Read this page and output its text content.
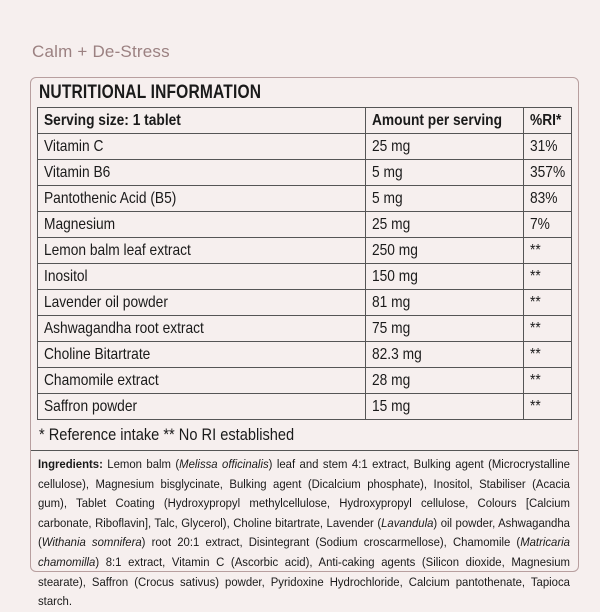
Calm + De-Stress
NUTRITIONAL INFORMATION
Serving size: 1 tablet	Amount per serving	%RI*
Vitamin C	25 mg	31%
Vitamin B6	5 mg	357%
Pantothenic Acid (B5)	5 mg	83%
Magnesium	25 mg	7%
Lemon balm leaf extract	250 mg	**
Inositol	150 mg	**
Lavender oil powder	81 mg	**
Ashwagandha root extract	75 mg	**
Choline Bitartrate	82.3 mg	**
Chamomile extract	28 mg	**
Saffron powder	15 mg	**
* Reference intake ** No RI established
Ingredients: Lemon balm (Melissa officinalis) leaf and stem 4:1 extract, Bulking agent (Microcrystalline cellulose), Magnesium bisglycinate, Bulking agent (Dicalcium phosphate), Inositol, Stabiliser (Acacia gum), Tablet Coating (Hydroxypropyl methylcellulose, Hydroxypropyl cellulose, Colours [Calcium carbonate, Riboflavin], Talc, Glycerol), Choline bitartrate, Lavender (Lavandula) oil powder, Ashwagandha (Withania somnifera) root 20:1 extract, Disintegrant (Sodium croscarmellose), Chamomile (Matricaria chamomilla) 8:1 extract, Vitamin C (Ascorbic acid), Anti-caking agents (Silicon dioxide, Magnesium stearate), Saffron (Crocus sativus) powder, Pyridoxine Hydrochloride, Calcium pantothenate, Tapioca starch.
